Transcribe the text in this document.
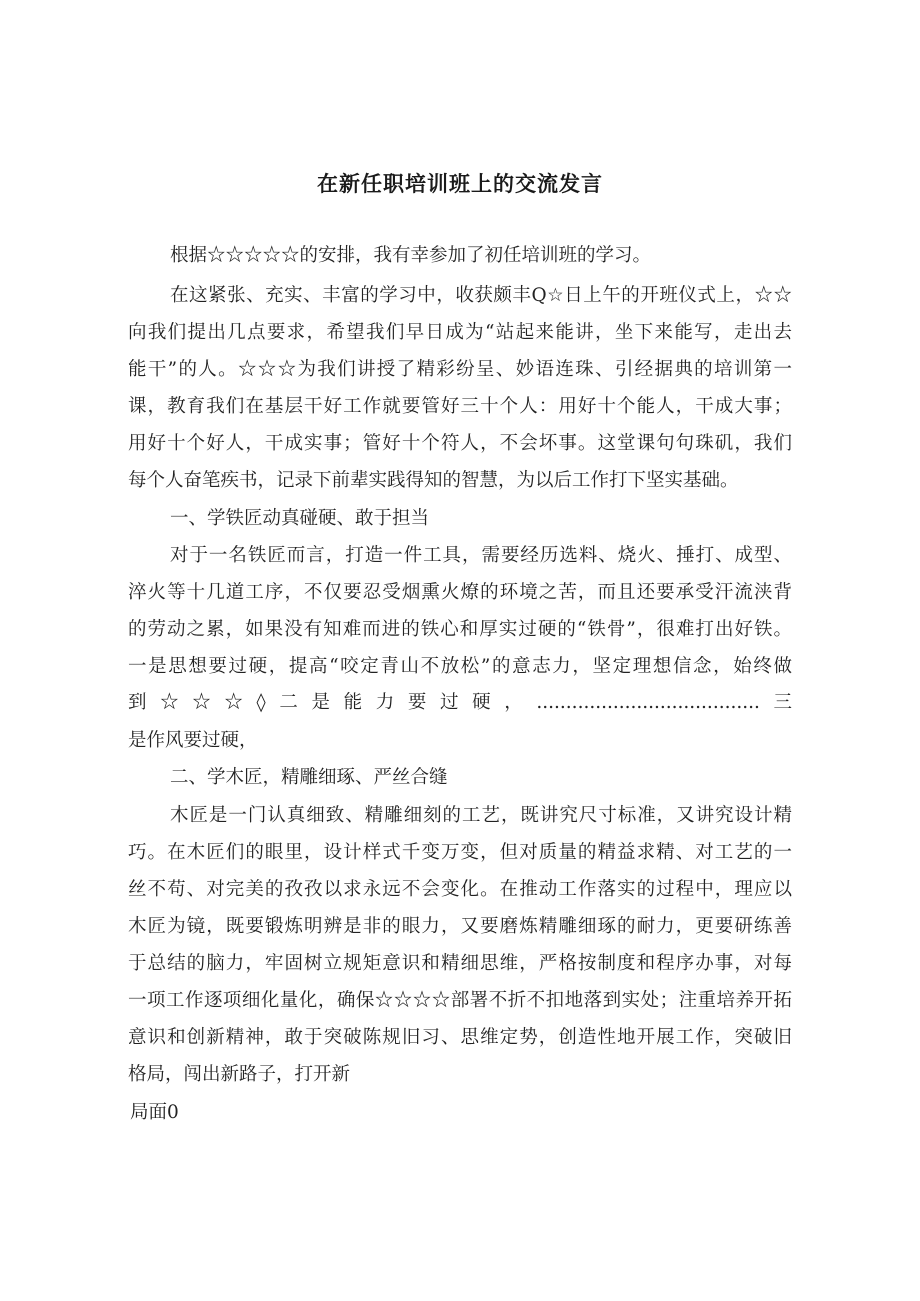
在新任职培训班上的交流发言
根据☆☆☆☆☆的安排，我有幸参加了初任培训班的学习。
在这紧张、充实、丰富的学习中，收获颇丰Q☆日上午的开班仪式上，☆☆
向我们提出几点要求，希望我们早日成为“站起来能讲，坐下来能写，走出去
能干”的人。☆☆☆为我们讲授了精彩纷呈、妙语连珠、引经据典的培训第一
课，教育我们在基层干好工作就要管好三十个人：用好十个能人，干成大事；
用好十个好人，干成实事；管好十个符人，不会坏事。这堂课句句珠矶，我们
每个人奋笔疾书，记录下前辈实践得知的智慧，为以后工作打下坚实基础。
一、学铁匠动真碰硬、敢于担当
对于一名铁匠而言，打造一件工具，需要经历选料、烧火、捶打、成型、
淬火等十几道工序，不仅要忍受烟熏火燎的环境之苦，而且还要承受汗流浃背
的劳动之累，如果没有知难而进的铁心和厚实过硬的“铁骨”，很难打出好铁。
一是思想要过硬，提高“咬定青山不放松”的意志力，坚定理想信念，始终做
到☆☆☆◊二是能力要过硬，......................................三
是作风要过硬，
二、学木匠，精雕细琢、严丝合缝
木匠是一门认真细致、精雕细刻的工艺，既讲究尺寸标准，又讲究设计精
巧。在木匠们的眼里，设计样式千变万变，但对质量的精益求精、对工艺的一
丝不苟、对完美的孜孜以求永远不会变化。在推动工作落实的过程中，理应以
木匠为镜，既要锻炼明辨是非的眼力，又要磨炼精雕细琢的耐力，更要研练善
于总结的脑力，牢固树立规矩意识和精细思维，严格按制度和程序办事，对每
一项工作逐项细化量化，确保☆☆☆☆部署不折不扣地落到实处；注重培养开拓
意识和创新精神，敢于突破陈规旧习、思维定势，创造性地开展工作，突破旧
格局，闯出新路子，打开新
局面0
